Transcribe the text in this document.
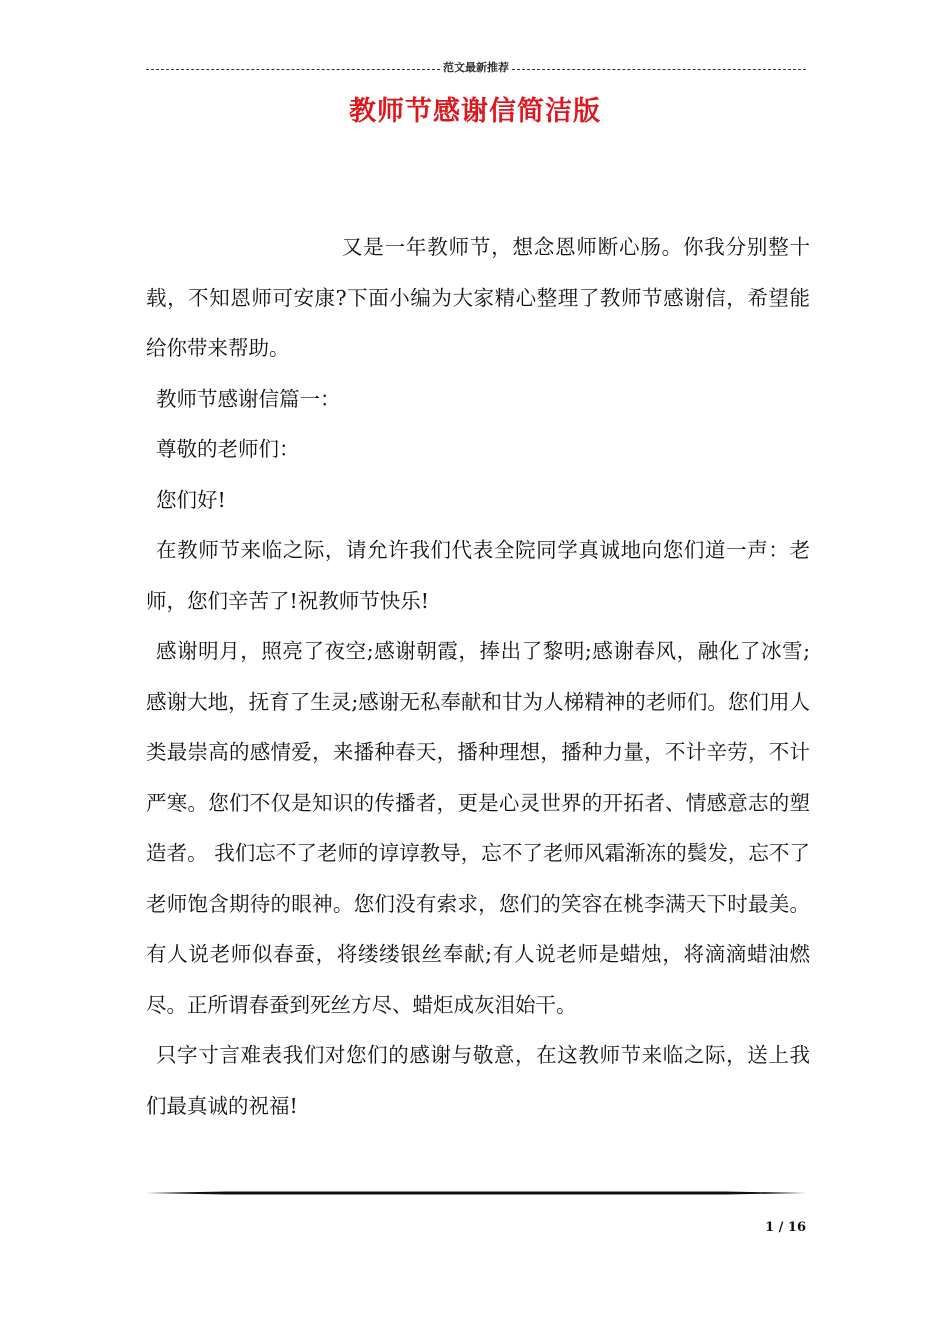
范文最新推荐
教师节感谢信简洁版

又是一年教师节，想念恩师断心肠。你我分别整十载，不知恩师可安康?下面小编为大家精心整理了教师节感谢信，希望能给你带来帮助。

教师节感谢信篇一：

尊敬的老师们：

您们好!

在教师节来临之际，请允许我们代表全院同学真诚地向您们道一声：老师，您们辛苦了!祝教师节快乐!

感谢明月，照亮了夜空;感谢朝霞，捧出了黎明;感谢春风，融化了冰雪;感谢大地，抚育了生灵;感谢无私奉献和甘为人梯精神的老师们。您们用人类最崇高的感情爱，来播种春天，播种理想，播种力量，不计辛劳，不计严寒。您们不仅是知识的传播者，更是心灵世界的开拓者、情感意志的塑造者。 我们忘不了老师的谆谆教导，忘不了老师风霜渐冻的鬓发，忘不了老师饱含期待的眼神。您们没有索求，您们的笑容在桃李满天下时最美。有人说老师似春蚕，将缕缕银丝奉献;有人说老师是蜡烛，将滴滴蜡油燃尽。正所谓春蚕到死丝方尽、蜡炬成灰泪始干。

只字寸言难表我们对您们的感谢与敬意，在这教师节来临之际，送上我们最真诚的祝福!

1 / 16
